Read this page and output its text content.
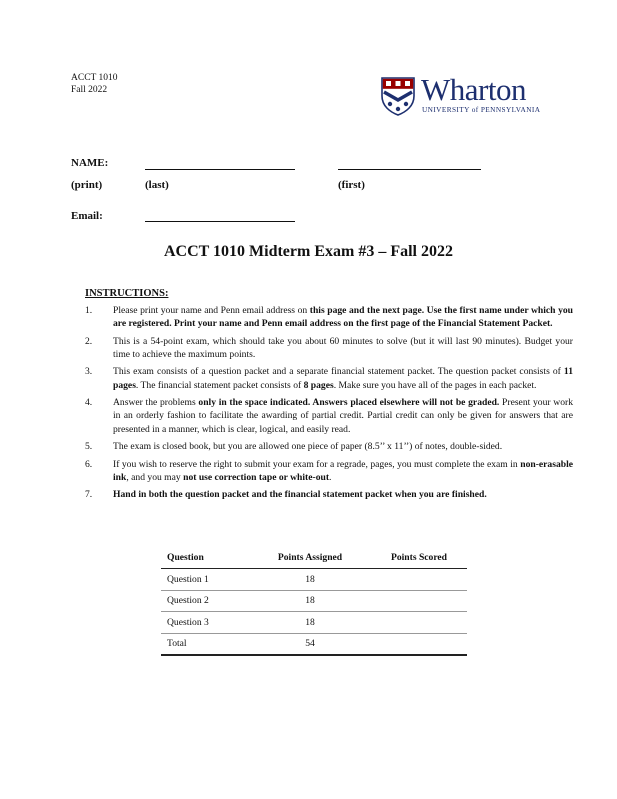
ACCT 1010
Fall 2022	Wharton
UNIVERSITY of PENNSYLVANIA
NAME:
(print)	(last)	(first)
Email:
ACCT 1010 Midterm Exam #3 – Fall 2022
INSTRUCTIONS:
1. Please print your name and Penn email address on this page and the next page. Use the first name under which you are registered. Print your name and Penn email address on the first page of the Financial Statement Packet.
2. This is a 54-point exam, which should take you about 60 minutes to solve (but it will last 90 minutes). Budget your time to achieve the maximum points.
3. This exam consists of a question packet and a separate financial statement packet. The question packet consists of 11 pages. The financial statement packet consists of 8 pages. Make sure you have all of the pages in each packet.
4. Answer the problems only in the space indicated. Answers placed elsewhere will not be graded. Present your work in an orderly fashion to facilitate the awarding of partial credit. Partial credit can only be given for answers that are presented in a manner, which is clear, logical, and easily read.
5. The exam is closed book, but you are allowed one piece of paper (8.5’’ x 11’’) of notes, double-sided.
6. If you wish to reserve the right to submit your exam for a regrade, pages, you must complete the exam in non-erasable ink, and you may not use correction tape or white-out.
7. Hand in both the question packet and the financial statement packet when you are finished.
Question	Points Assigned	Points Scored
Question 1	18	
Question 2	18	
Question 3	18	
Total	54	
